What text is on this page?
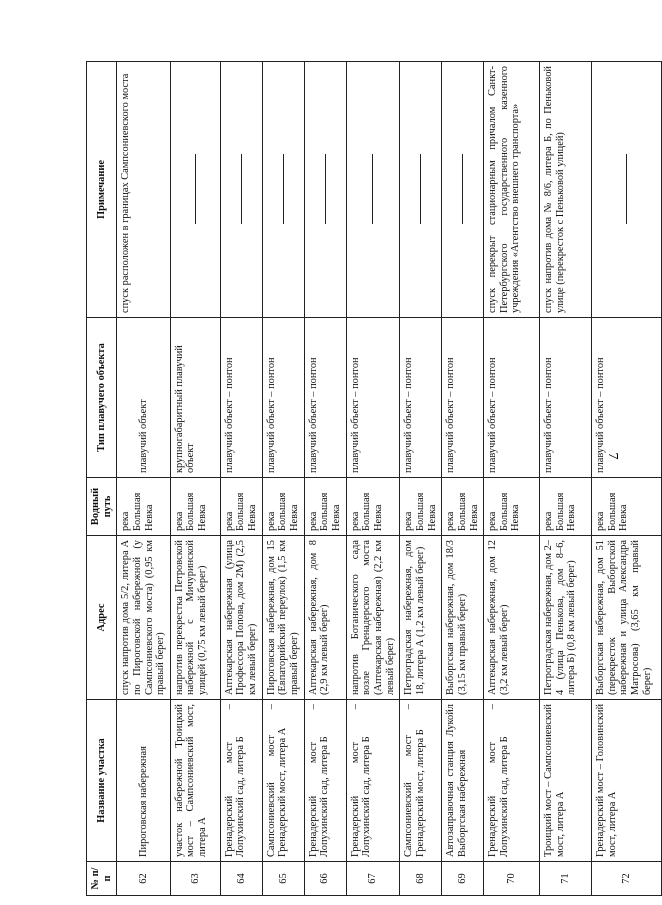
№ п/п	Название участка	Адрес	Водный путь	Тип плавучего объекта	Примечание
62	Пироговская набережная	спуск напротив дома 5/2, литера А по Пироговской набережной (у Сампсониевского моста) (0,95 км правый берег)	река Большая Невка	плавучий объект	спуск расположен в границах Сампсониевского моста
63	участок набережной Троицкий мост – Сампсониевский мост, литера А	напротив перекрестка Петровской набережной с Мичуринской улицей (0,75 км левый берег)	река Большая Невка	крупногабаритный плавучий объект	
64	Гренадерский мост – Лопухинский сад, литера Б	Аптекарская набережная (улица Профессора Попова, дом 2М) (2,5 км левый берег)	река Большая Невка	плавучий объект – понтон	
65	Сампсониевский мост – Гренадерский мост, литера А	Пироговская набережная, дом 15 (Евпаторийский переулок) (1,5 км правый берег)	река Большая Невка	плавучий объект – понтон	
66	Гренадерский мост – Лопухинский сад, литера Б	Аптекарская набережная, дом 8 (2,9 км левый берег)	река Большая Невка	плавучий объект – понтон	
67	Гренадерский мост – Лопухинский сад, литера Б	напротив Ботанического сада возле Гренадерского моста (Аптекарская набережная) (2,2 км левый берег)	река Большая Невка	плавучий объект – понтон	
68	Сампсониевский мост – Гренадерский мост, литера Б	Петроградская набережная, дом 18, литера А (1,2 км левый берег)	река Большая Невка	плавучий объект – понтон	
69	Автозаправочная станция Лукойл Выборгская набережная	Выборгская набережная, дом 18/3 (3,15 км правый берег)	река Большая Невка	плавучий объект – понтон	
70	Гренадерский мост – Лопухинский сад, литера Б	Аптекарская набережная, дом 12 (3,2 км левый берег)	река Большая Невка	плавучий объект – понтон	спуск перекрыт стационарным причалом Санкт-Петербургского государственного казенного учреждения «Агентство внешнего транспорта»
71	Троицкий мост – Сампсониевский мост, литера А	Петроградская набережная, дом 2–4 (улица Пенькова, дом 8–6, литера Б) (0,8 км левый берег)	река Большая Невка	плавучий объект – понтон	спуск напротив дома № 8/6, литера Б, по Пеньковой улице (перекресток с Пеньковой улицей)
72	Гренадерский мост – Головинский мост, литера А	Выборгская набережная, дом 51 (перекресток Выборгской набережная и улица Александра Матросова) (3,65 км правый берег)	река Большая Невка	плавучий объект – понтон	
7
